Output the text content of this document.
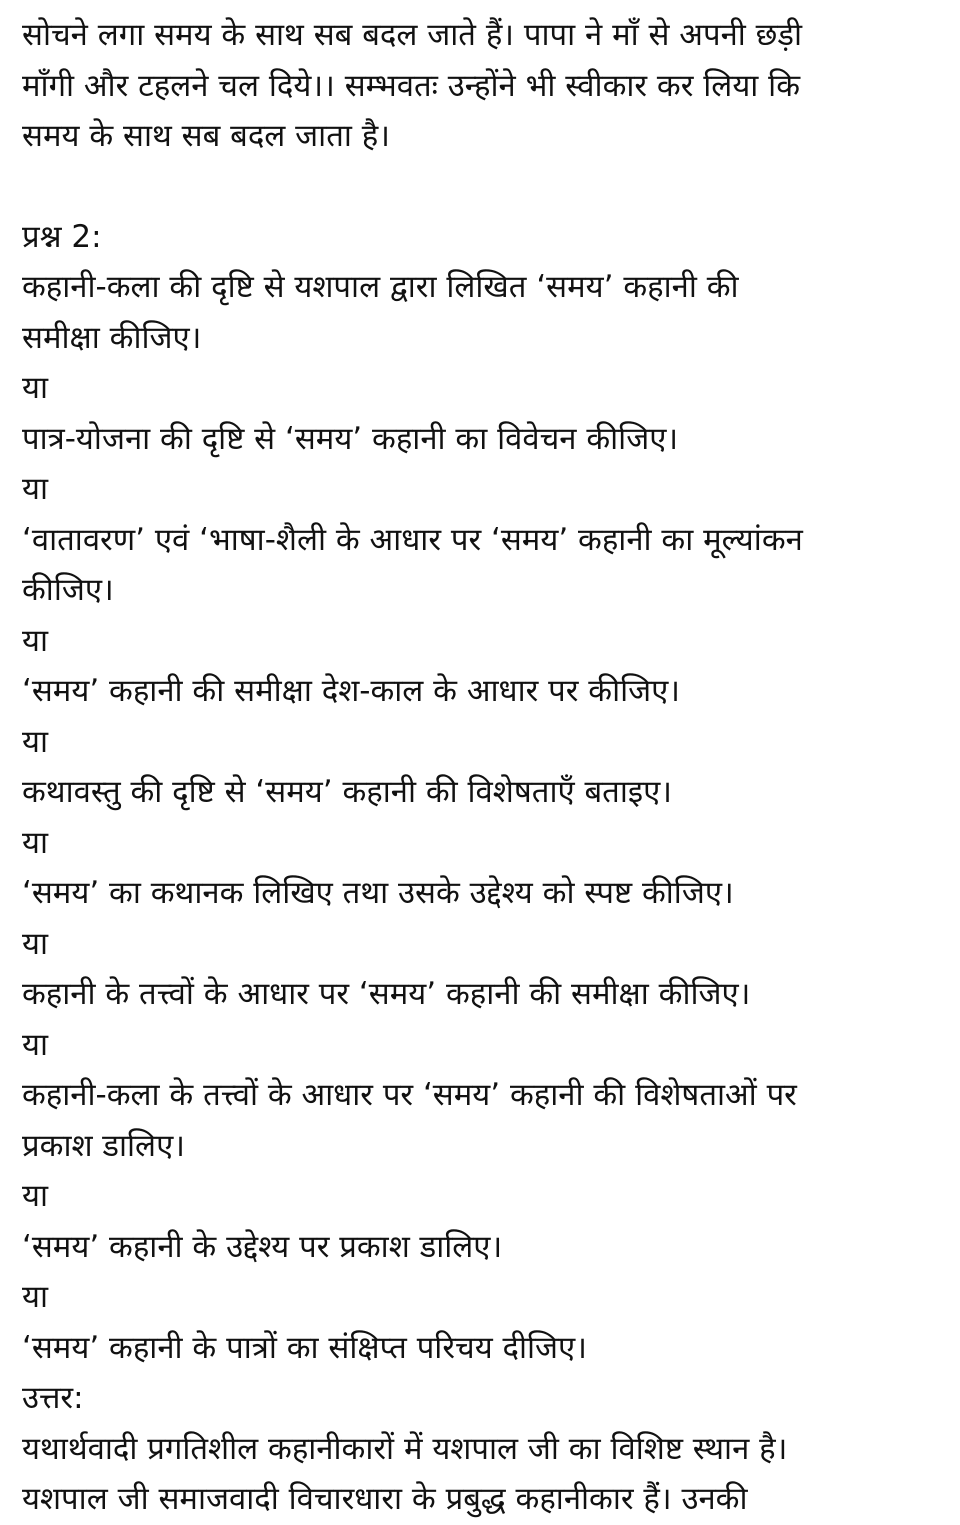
सोचने लगा समय के साथ सब बदल जाते हैं। पापा ने माँ से अपनी छड़ी
माँगी और टहलने चल दिये।। सम्भवतः उन्होंने भी स्वीकार कर लिया कि
समय के साथ सब बदल जाता है।
प्रश्न 2:
कहानी-कला की दृष्टि से यशपाल द्वारा लिखित ‘समय’ कहानी की
समीक्षा कीजिए।
या
पात्र-योजना की दृष्टि से ‘समय’ कहानी का विवेचन कीजिए।
या
‘वातावरण’ एवं ‘भाषा-शैली के आधार पर ‘समय’ कहानी का मूल्यांकन
कीजिए।
या
‘समय’ कहानी की समीक्षा देश-काल के आधार पर कीजिए।
या
कथावस्तु की दृष्टि से ‘समय’ कहानी की विशेषताएँ बताइए।
या
‘समय’ का कथानक लिखिए तथा उसके उद्देश्य को स्पष्ट कीजिए।
या
कहानी के तत्त्वों के आधार पर ‘समय’ कहानी की समीक्षा कीजिए।
या
कहानी-कला के तत्त्वों के आधार पर ‘समय’ कहानी की विशेषताओं पर
प्रकाश डालिए।
या
‘समय’ कहानी के उद्देश्य पर प्रकाश डालिए।
या
‘समय’ कहानी के पात्रों का संक्षिप्त परिचय दीजिए।
उत्तर:
यथार्थवादी प्रगतिशील कहानीकारों में यशपाल जी का विशिष्ट स्थान है।
यशपाल जी समाजवादी विचारधारा के प्रबुद्ध कहानीकार हैं। उनकी
